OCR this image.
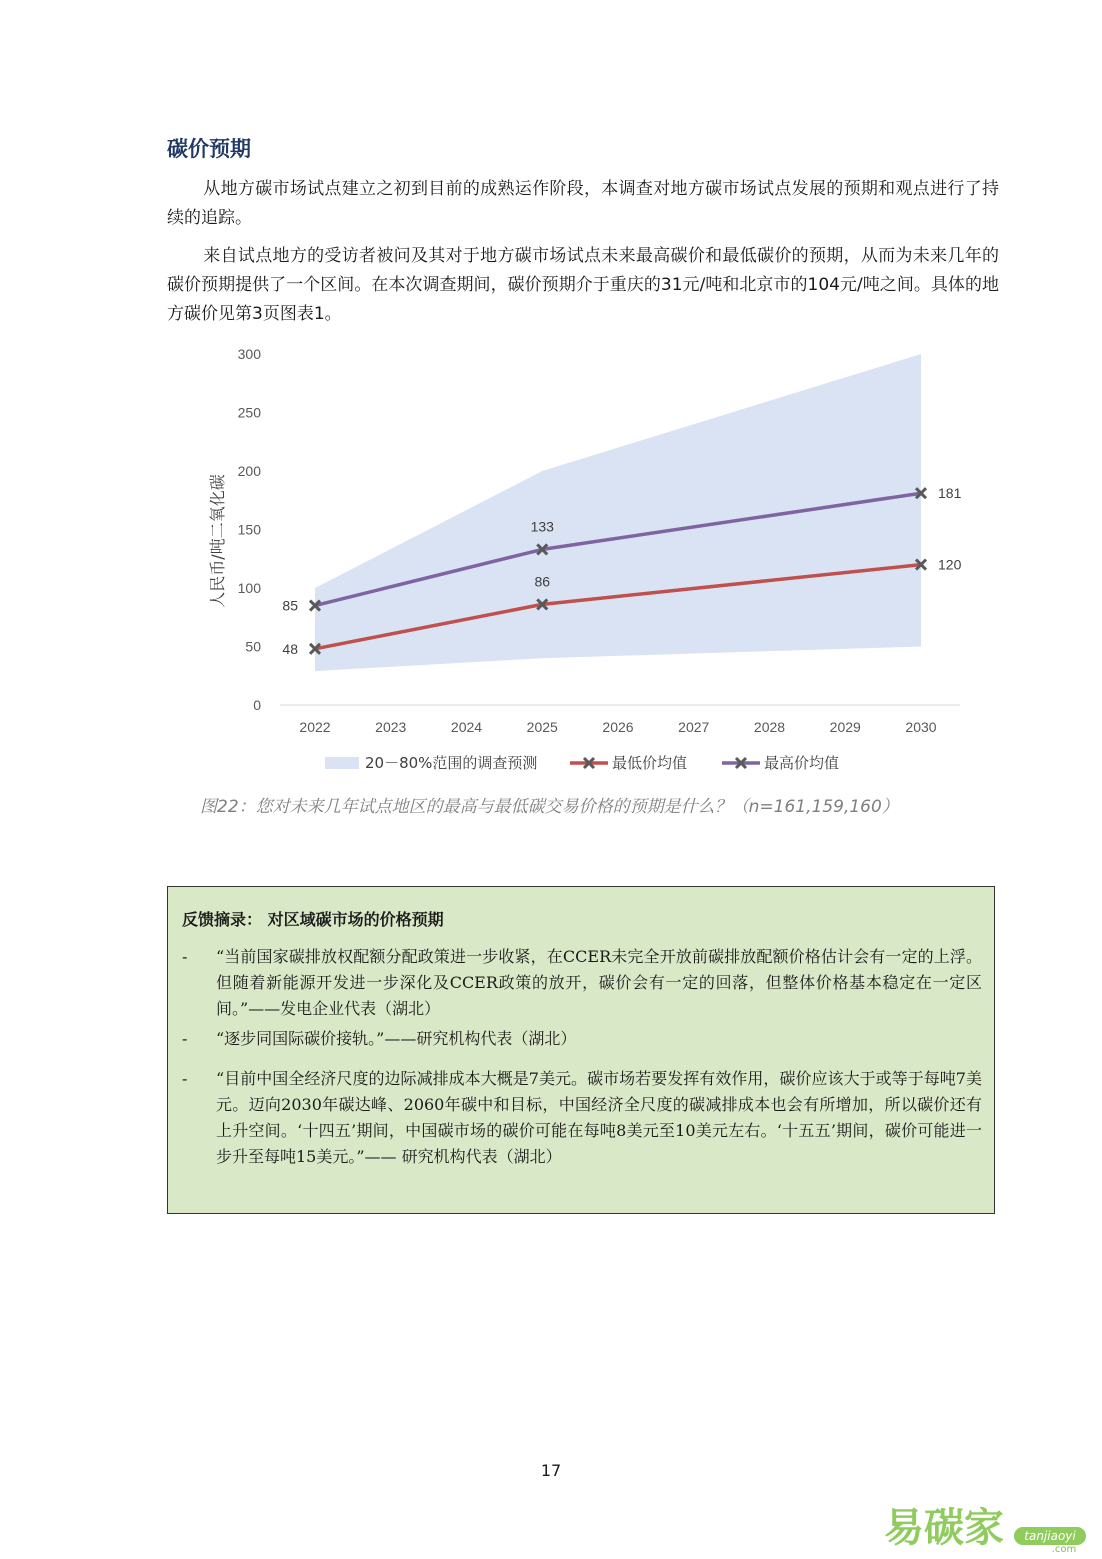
碳价预期
从地方碳市场试点建立之初到目前的成熟运作阶段，本调查对地方碳市场试点发展的预期和观点进行了持续的追踪。
来自试点地方的受访者被问及其对于地方碳市场试点未来最高碳价和最低碳价的预期，从而为未来几年的碳价预期提供了一个区间。在本次调查期间，碳价预期介于重庆的31元/吨和北京市的104元/吨之间。具体的地方碳价见第3页图表1。
0
50
100
150
200
250
300
2022	2023	2024	2025	2026	2027	2028	2029	2030
48
86
120
85
133
181
人民币/吨二氧化碳
20－80%范围的调查预测	最低价均值	最高价均值
图22：您对未来几年试点地区的最高与最低碳交易价格的预期是什么？（n=161,159,160）
反馈摘录： 对区域碳市场的价格预期
- “当前国家碳排放权配额分配政策进一步收紧，在CCER未完全开放前碳排放配额价格估计会有一定的上浮。但随着新能源开发进一步深化及CCER政策的放开，碳价会有一定的回落，但整体价格基本稳定在一定区间。”——发电企业代表（湖北）
- “逐步同国际碳价接轨。”——研究机构代表（湖北）
- “目前中国全经济尺度的边际减排成本大概是7美元。碳市场若要发挥有效作用，碳价应该大于或等于每吨7美元。迈向2030年碳达峰、2060年碳中和目标，中国经济全尺度的碳减排成本也会有所增加，所以碳价还有上升空间。‘十四五’期间，中国碳市场的碳价可能在每吨8美元至10美元左右。‘十五五’期间，碳价可能进一步升至每吨15美元。”—— 研究机构代表（湖北）
17
易碳家 tanjiaoyi
.com
